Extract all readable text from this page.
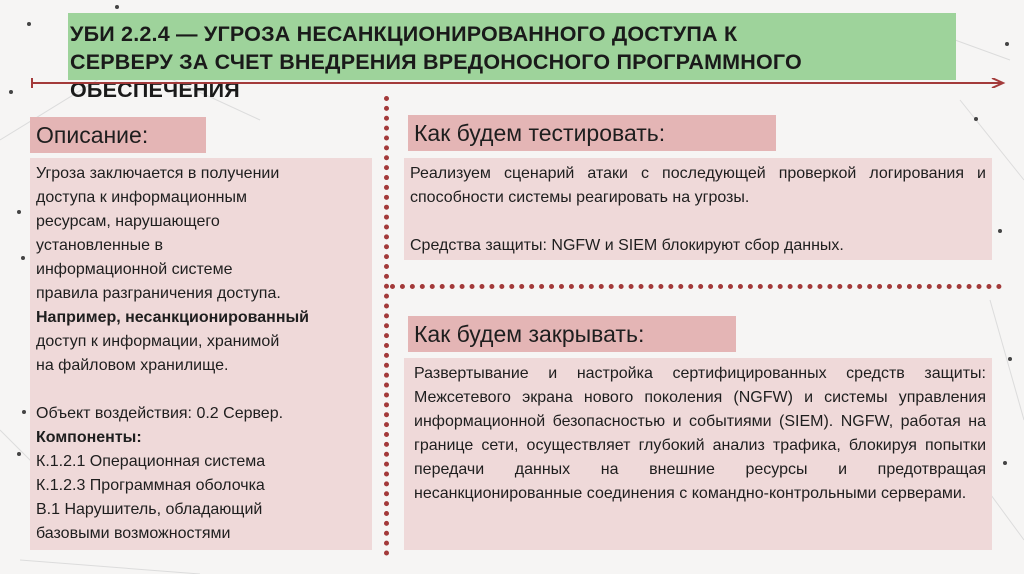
УБИ 2.2.4 — УГРОЗА НЕСАНКЦИОНИРОВАННОГО ДОСТУПА К
СЕРВЕРУ ЗА СЧЕТ ВНЕДРЕНИЯ ВРЕДОНОСНОГО ПРОГРАММНОГО
ОБЕСПЕЧЕНИЯ
Описание:

Угроза заключается в получении

доступа к информационным

ресурсам, нарушающего

установленные в

информационной системе

правила разграничения доступа.

Например, несанкционированный

доступ к информации, хранимой

на файловом хранилище.

Объект воздействия: 0.2 Сервер.

Компоненты:

К.1.2.1 Операционная система

К.1.2.3 Программная оболочка

В.1 Нарушитель, обладающий

базовыми возможностями

Как будем тестировать:

Реализуем сценарий атаки с последующей проверкой логирования и способности системы реагировать на угрозы.

Средства защиты: NGFW и SIEM блокируют сбор данных.

Как будем закрывать:

Развертывание и настройка сертифицированных средств защиты: Межсетевого экрана нового поколения (NGFW) и системы управления информационной безопасностью и событиями (SIEM). NGFW, работая на границе сети, осуществляет глубокий анализ трафика, блокируя попытки передачи данных на внешние ресурсы и предотвращая несанкционированные соединения с командно-контрольными серверами.
